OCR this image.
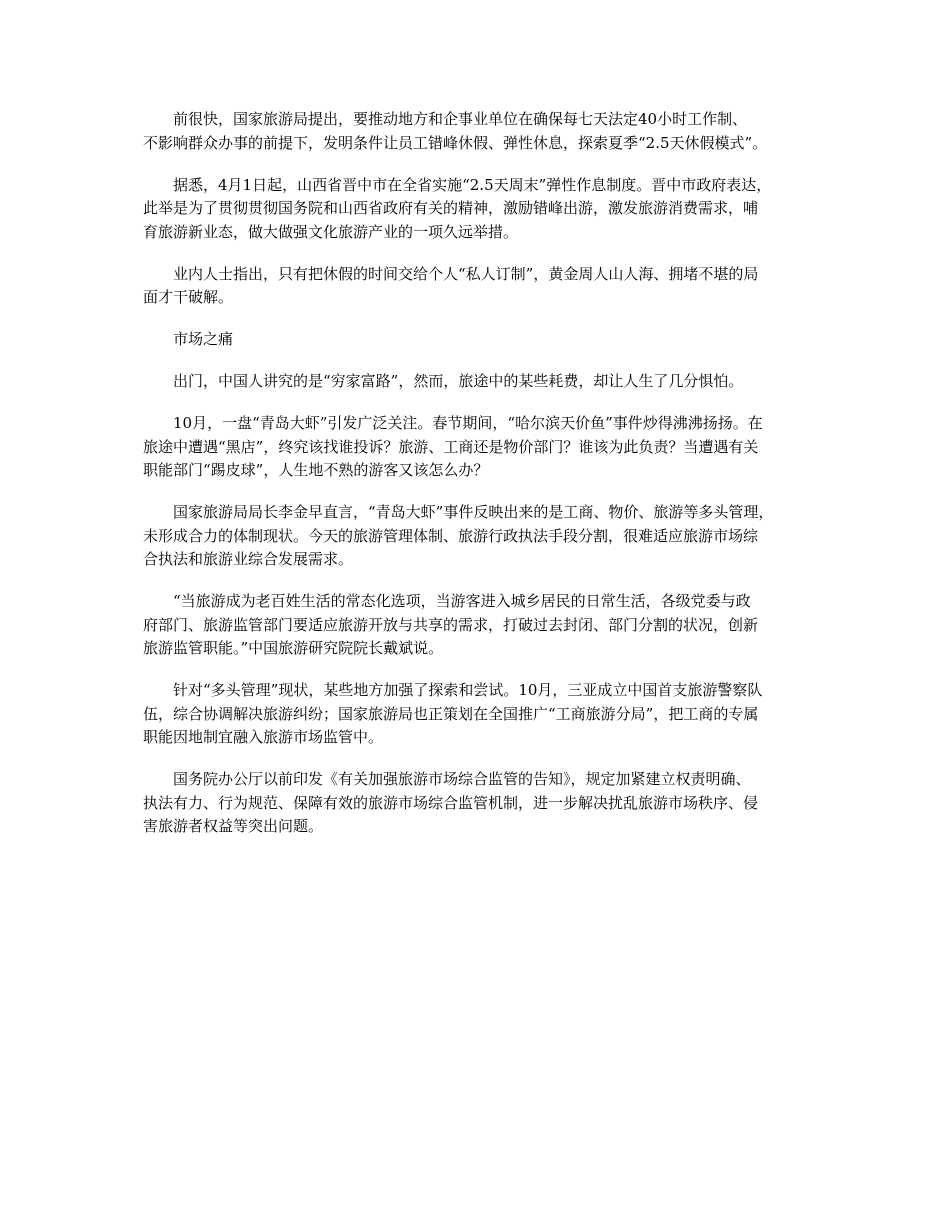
前很快，国家旅游局提出，要推动地方和企事业单位在确保每七天法定40小时工作制、
不影响群众办事的前提下，发明条件让员工错峰休假、弹性休息，探索夏季“2.5天休假模式”。

据悉，4月1日起，山西省晋中市在全省实施“2.5天周末”弹性作息制度。晋中市政府表达，
此举是为了贯彻贯彻国务院和山西省政府有关的精神，激励错峰出游，激发旅游消费需求，哺
育旅游新业态，做大做强文化旅游产业的一项久远举措。

业内人士指出，只有把休假的时间交给个人“私人订制”，黄金周人山人海、拥堵不堪的局
面才干破解。

市场之痛

出门，中国人讲究的是“穷家富路”，然而，旅途中的某些耗费，却让人生了几分惧怕。

10月，一盘“青岛大虾”引发广泛关注。春节期间，“哈尔滨天价鱼”事件炒得沸沸扬扬。在
旅途中遭遇“黑店”，终究该找谁投诉？旅游、工商还是物价部门？谁该为此负责？当遭遇有关
职能部门“踢皮球”，人生地不熟的游客又该怎么办？

国家旅游局局长李金早直言，“青岛大虾”事件反映出来的是工商、物价、旅游等多头管理，
未形成合力的体制现状。今天的旅游管理体制、旅游行政执法手段分割，很难适应旅游市场综
合执法和旅游业综合发展需求。

“当旅游成为老百姓生活的常态化选项，当游客进入城乡居民的日常生活，各级党委与政
府部门、旅游监管部门要适应旅游开放与共享的需求，打破过去封闭、部门分割的状况，创新
旅游监管职能。”中国旅游研究院院长戴斌说。

针对“多头管理”现状，某些地方加强了探索和尝试。10月，三亚成立中国首支旅游警察队
伍，综合协调解决旅游纠纷；国家旅游局也正策划在全国推广“工商旅游分局”，把工商的专属
职能因地制宜融入旅游市场监管中。

国务院办公厅以前印发《有关加强旅游市场综合监管的告知》，规定加紧建立权责明确、
执法有力、行为规范、保障有效的旅游市场综合监管机制，进一步解决扰乱旅游市场秩序、侵
害旅游者权益等突出问题。
